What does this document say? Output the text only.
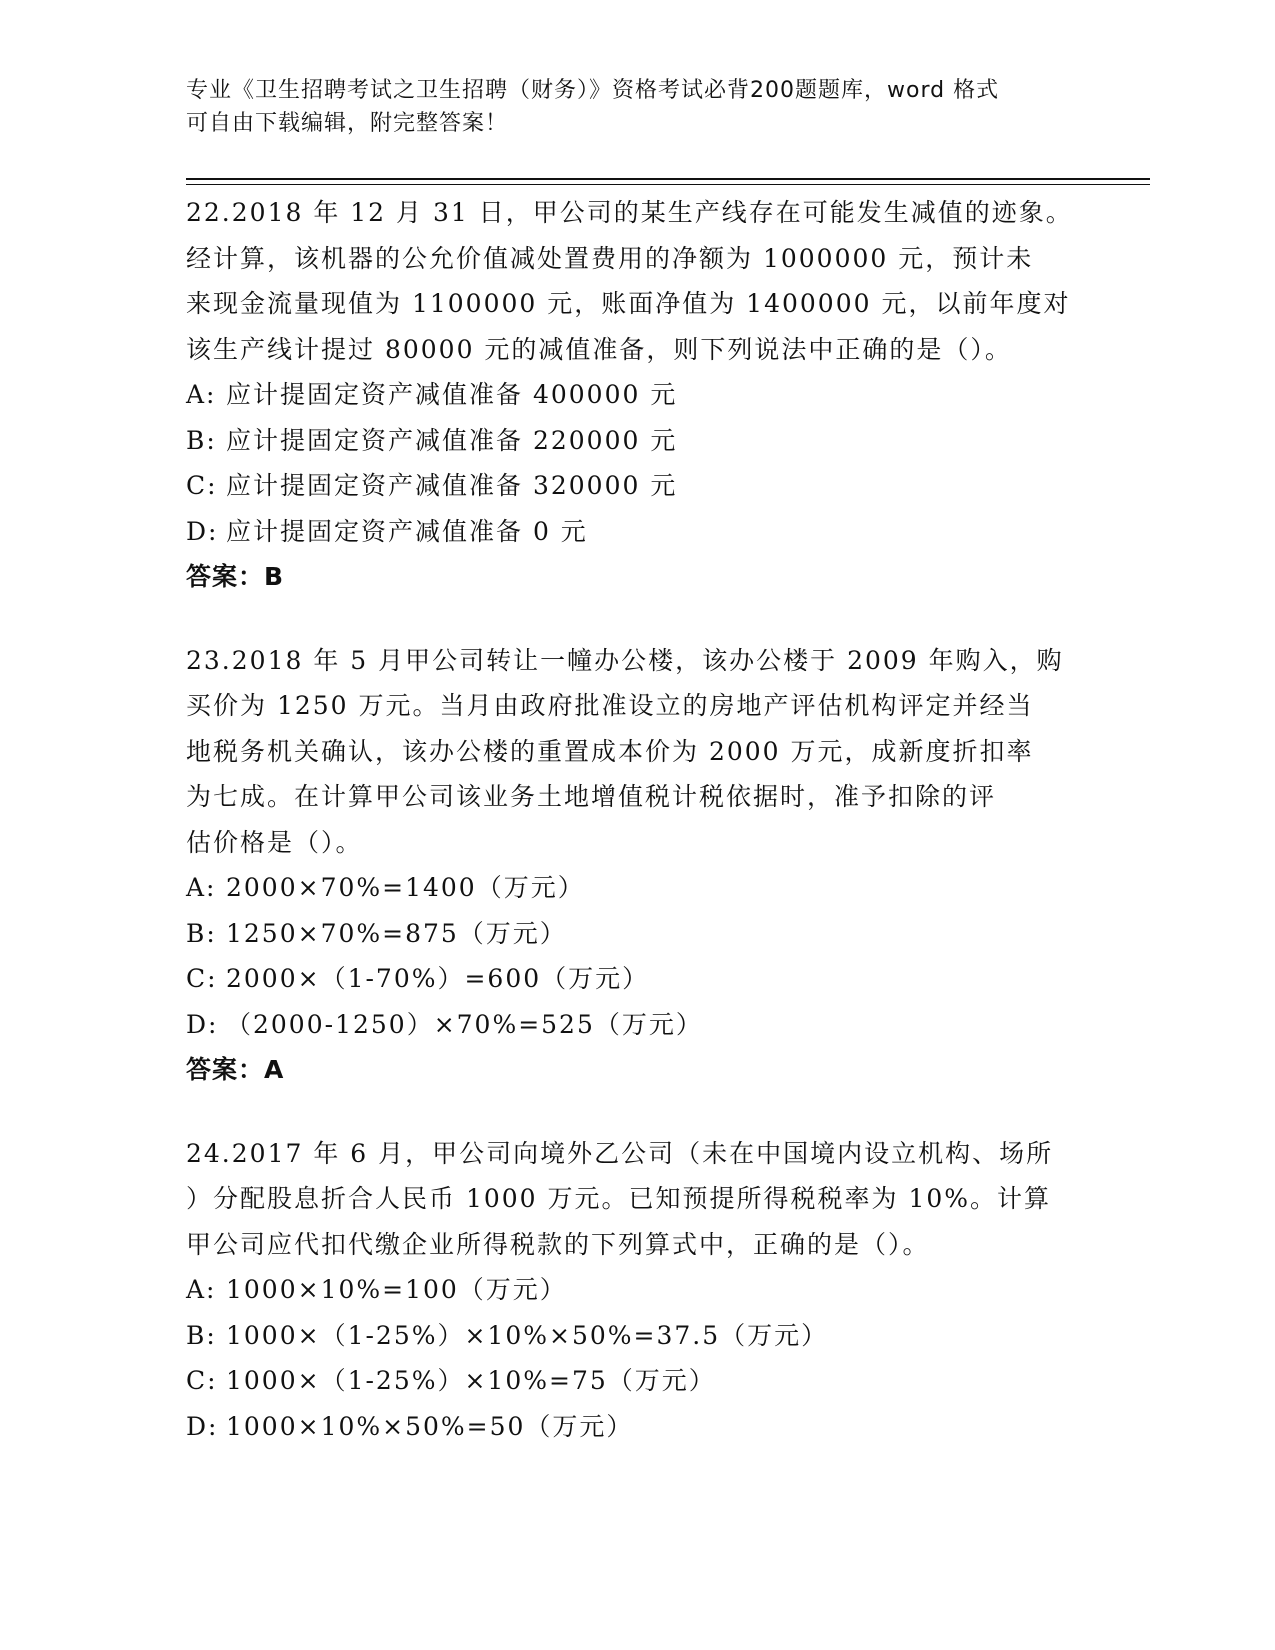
专业《卫生招聘考试之卫生招聘（财务）》资格考试必背200题题库，word 格式
可自由下载编辑，附完整答案！

22.2018 年 12 月 31 日，甲公司的某生产线存在可能发生减值的迹象。

经计算，该机器的公允价值减处置费用的净额为 1000000 元，预计未

来现金流量现值为 1100000 元，账面净值为 1400000 元，以前年度对

该生产线计提过 80000 元的减值准备，则下列说法中正确的是（）。

A: 应计提固定资产减值准备 400000 元

B: 应计提固定资产减值准备 220000 元

C: 应计提固定资产减值准备 320000 元

D: 应计提固定资产减值准备 0 元

答案：B

23.2018 年 5 月甲公司转让一幢办公楼，该办公楼于 2009 年购入，购

买价为 1250 万元。当月由政府批准设立的房地产评估机构评定并经当

地税务机关确认，该办公楼的重置成本价为 2000 万元，成新度折扣率

为七成。在计算甲公司该业务土地增值税计税依据时，准予扣除的评

估价格是（）。

A: 2000×70%=1400（万元）

B: 1250×70%=875（万元）

C: 2000×（1-70%）=600（万元）

D: （2000-1250）×70%=525（万元）

答案：A

24.2017 年 6 月，甲公司向境外乙公司（未在中国境内设立机构、场所

）分配股息折合人民币 1000 万元。已知预提所得税税率为 10%。计算

甲公司应代扣代缴企业所得税款的下列算式中，正确的是（）。

A: 1000×10%=100（万元）

B: 1000×（1-25%）×10%×50%=37.5（万元）

C: 1000×（1-25%）×10%=75（万元）

D: 1000×10%×50%=50（万元）
